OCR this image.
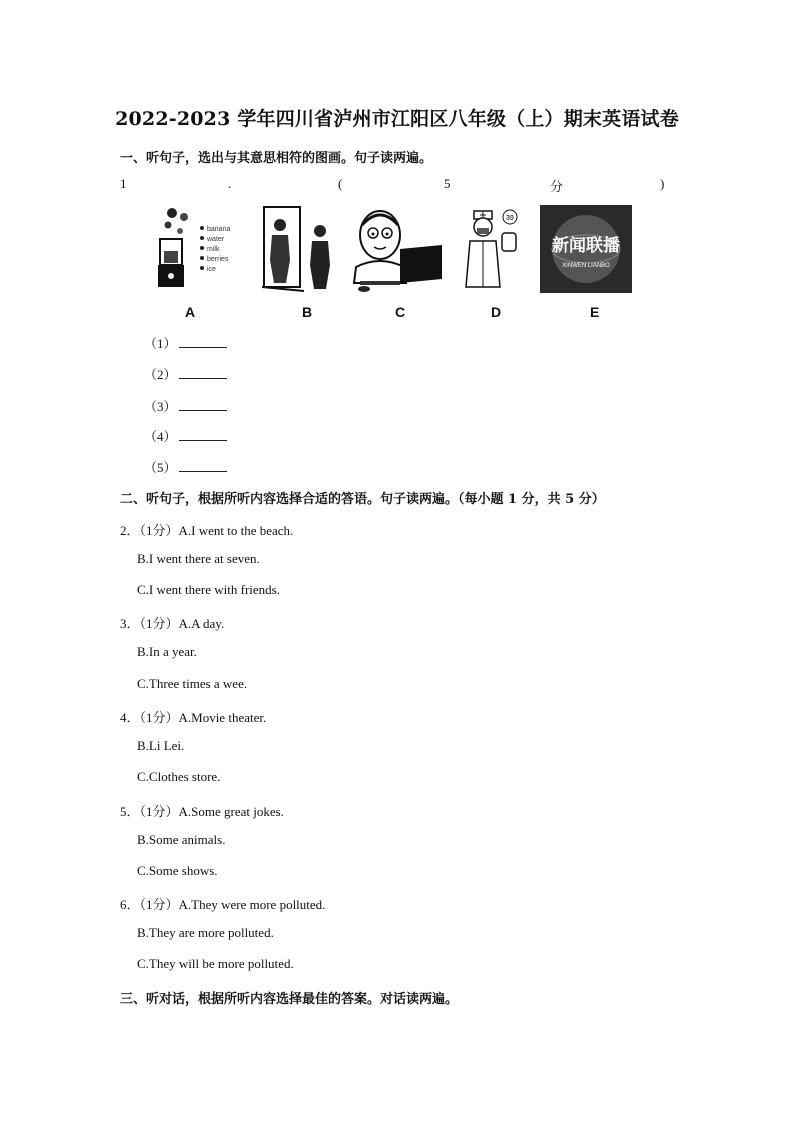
2022-2023 学年四川省泸州市江阳区八年级（上）期末英语试卷
一、听句子，选出与其意思相符的图画。句子读两遍。
1	.	(	5	分	)
banana
water
milk
berries
ice
39
新闻联播
XINWEN LIANBO
A	B	C	D	E
（1）
（2）
（3）
（4）
（5）
二、听句子，根据所听内容选择合适的答语。句子读两遍。（每小题 1 分，共 5 分）
2．（1分）A.I went to the beach.
B.I went there at seven.
C.I went there with friends.
3．（1分）A.A day.
B.In a year.
C.Three times a wee.
4．（1分）A.Movie theater.
B.Li Lei.
C.Clothes store.
5．（1分）A.Some great jokes.
B.Some animals.
C.Some shows.
6．（1分）A.They were more polluted.
B.They are more polluted.
C.They will be more polluted.
三、听对话，根据所听内容选择最佳的答案。对话读两遍。
